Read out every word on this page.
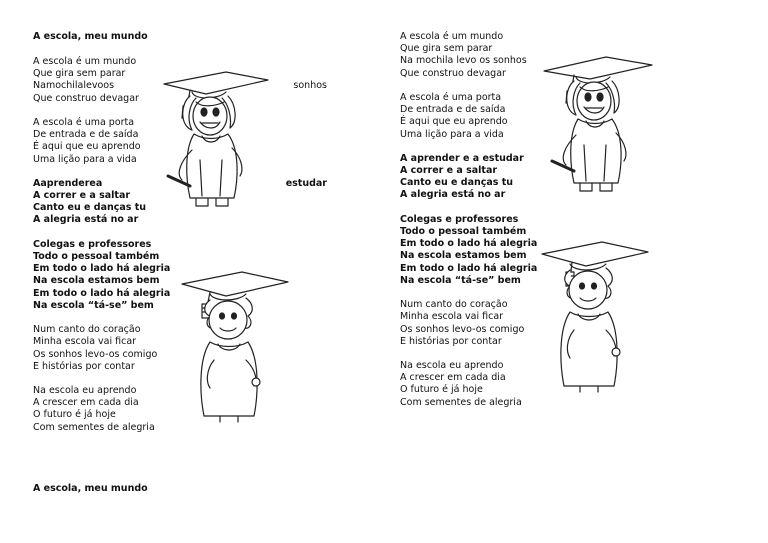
A escola, meu mundo
A escola é um mundo
Que gira sem parar
Na mochila levo os	sonhos
Que construo devagar
A escola é uma porta
De entrada e de saída
É aqui que eu aprendo
Uma lição para a vida
A aprender e a	estudar
A correr e a saltar
Canto eu e danças tu
A alegria está no ar
Colegas e professores
Todo o pessoal também
Em todo o lado há alegria
Na escola estamos bem
Em todo o lado há alegria
Na escola “tá-se” bem
Num canto do coração
Minha escola vai ficar
Os sonhos levo-os comigo
E histórias por contar
Na escola eu aprendo
A crescer em cada dia
O futuro é já hoje
Com sementes de alegria
A escola, meu mundo
A escola é um mundo
Que gira sem parar
Na mochila levo os sonhos
Que construo devagar
A escola é uma porta
De entrada e de saída
É aqui que eu aprendo
Uma lição para a vida
A aprender e a estudar
A correr e a saltar
Canto eu e danças tu
A alegria está no ar
Colegas e professores
Todo o pessoal também
Em todo o lado há alegria
Na escola estamos bem
Em todo o lado há alegria
Na escola “tá-se” bem
Num canto do coração
Minha escola vai ficar
Os sonhos levo-os comigo
E histórias por contar
Na escola eu aprendo
A crescer em cada dia
O futuro é já hoje
Com sementes de alegria
